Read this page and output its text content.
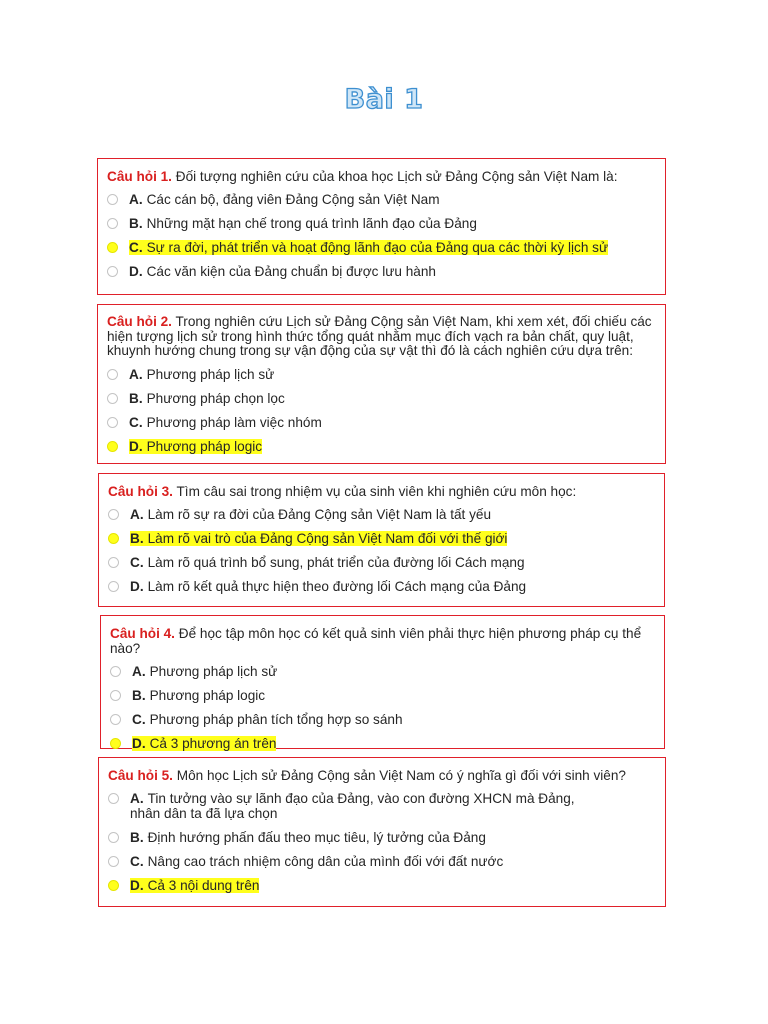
Bài 1
Câu hỏi 1. Đối tượng nghiên cứu của khoa học Lịch sử Đảng Cộng sản Việt Nam là:
A. Các cán bộ, đảng viên Đảng Cộng sản Việt Nam
B. Những mặt hạn chế trong quá trình lãnh đạo của Đảng
C. Sự ra đời, phát triển và hoạt động lãnh đạo của Đảng qua các thời kỳ lịch sử
D. Các văn kiện của Đảng chuẩn bị được lưu hành
Câu hỏi 2. Trong nghiên cứu Lịch sử Đảng Cộng sản Việt Nam, khi xem xét, đối chiếu các hiện tượng lịch sử trong hình thức tổng quát nhằm mục đích vạch ra bản chất, quy luật, khuynh hướng chung trong sự vận động của sự vật thì đó là cách nghiên cứu dựa trên:
A. Phương pháp lịch sử
B. Phương pháp chọn lọc
C. Phương pháp làm việc nhóm
D. Phương pháp logic
Câu hỏi 3. Tìm câu sai trong nhiệm vụ của sinh viên khi nghiên cứu môn học:
A. Làm rõ sự ra đời của Đảng Cộng sản Việt Nam là tất yếu
B. Làm rõ vai trò của Đảng Cộng sản Việt Nam đối với thế giới
C. Làm rõ quá trình bổ sung, phát triển của đường lối Cách mạng
D. Làm rõ kết quả thực hiện theo đường lối Cách mạng của Đảng
Câu hỏi 4. Để học tập môn học có kết quả sinh viên phải thực hiện phương pháp cụ thể nào?
A. Phương pháp lịch sử
B. Phương pháp logic
C. Phương pháp phân tích tổng hợp so sánh
D. Cả 3 phương án trên
Câu hỏi 5. Môn học Lịch sử Đảng Cộng sản Việt Nam có ý nghĩa gì đối với sinh viên?
A. Tin tưởng vào sự lãnh đạo của Đảng, vào con đường XHCN mà Đảng, nhân dân ta đã lựa chọn
B. Định hướng phấn đấu theo mục tiêu, lý tưởng của Đảng
C. Nâng cao trách nhiệm công dân của mình đối với đất nước
D. Cả 3 nội dung trên
